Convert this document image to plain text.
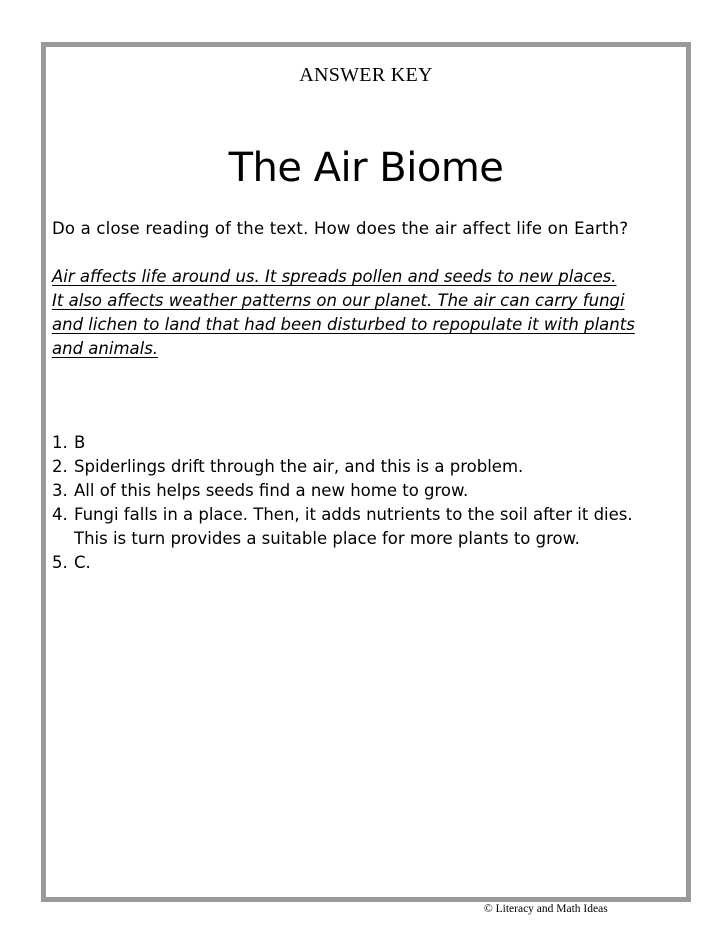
ANSWER KEY
The Air Biome
Do a close reading of the text. How does the air affect life on Earth?
Air affects life around us. It spreads pollen and seeds to new places.
It also affects weather patterns on our planet. The air can carry fungi
and lichen to land that had been disturbed to repopulate it with plants
and animals.
1. B
2. Spiderlings drift through the air, and this is a problem.
3. All of this helps seeds find a new home to grow.
4. Fungi falls in a place. Then, it adds nutrients to the soil after it dies.
This is turn provides a suitable place for more plants to grow.
5. C.
© Literacy and Math Ideas
